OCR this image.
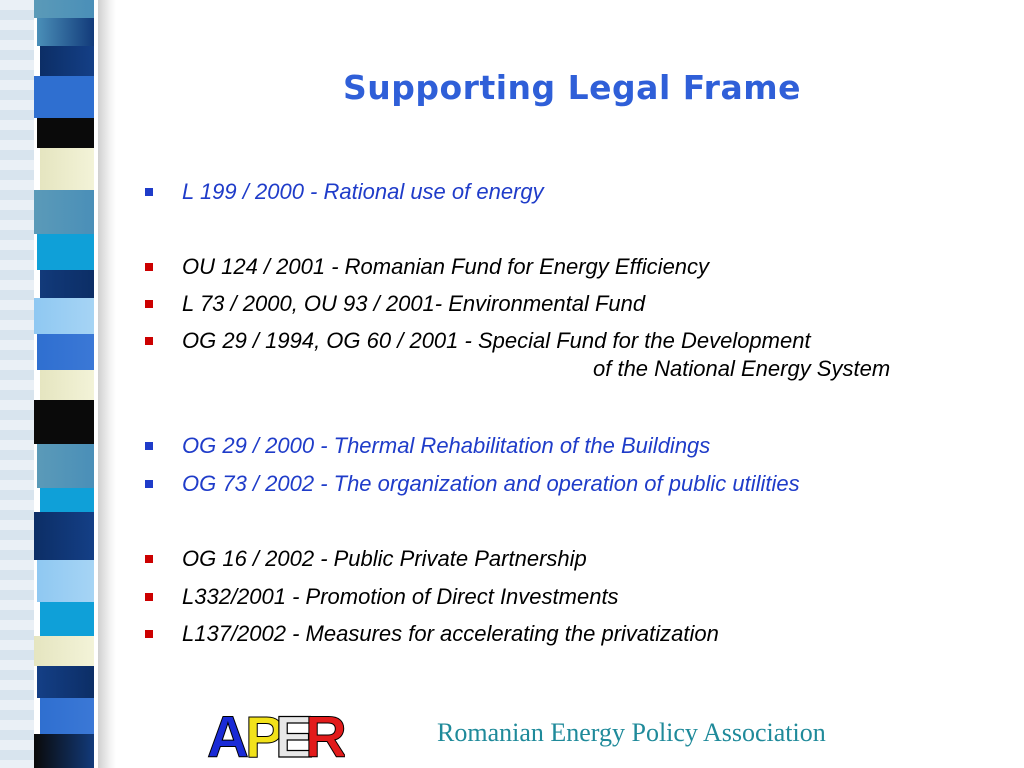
Supporting Legal Frame
L 199 / 2000 - Rational use of energy
OU 124 / 2001 - Romanian Fund for Energy Efficiency
L 73 / 2000, OU 93 / 2001- Environmental Fund
OG 29 / 1994, OG 60 / 2001 - Special Fund for the Development
of the National Energy System
OG 29 / 2000 - Thermal Rehabilitation of the Buildings
OG 73 / 2002 - The organization and operation of public utilities
OG 16 / 2002 - Public Private Partnership
L332/2001 - Promotion of Direct Investments
L137/2002 - Measures for accelerating the privatization
A
P
E
R	Romanian Energy Policy Association
